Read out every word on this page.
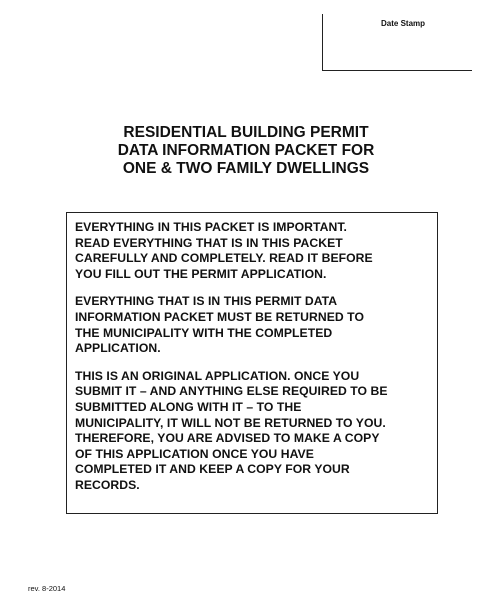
Date Stamp
RESIDENTIAL BUILDING PERMIT
DATA INFORMATION PACKET FOR
ONE & TWO FAMILY DWELLINGS

EVERYTHING IN THIS PACKET IS IMPORTANT.
READ EVERYTHING THAT IS IN THIS PACKET
CAREFULLY AND COMPLETELY. READ IT BEFORE
YOU FILL OUT THE PERMIT APPLICATION.

EVERYTHING THAT IS IN THIS PERMIT DATA
INFORMATION PACKET MUST BE RETURNED TO
THE MUNICIPALITY WITH THE COMPLETED
APPLICATION.

THIS IS AN ORIGINAL APPLICATION. ONCE YOU
SUBMIT IT – AND ANYTHING ELSE REQUIRED TO BE
SUBMITTED ALONG WITH IT – TO THE
MUNICIPALITY, IT WILL NOT BE RETURNED TO YOU.
THEREFORE, YOU ARE ADVISED TO MAKE A COPY
OF THIS APPLICATION ONCE YOU HAVE
COMPLETED IT AND KEEP A COPY FOR YOUR
RECORDS.

rev. 8-2014
